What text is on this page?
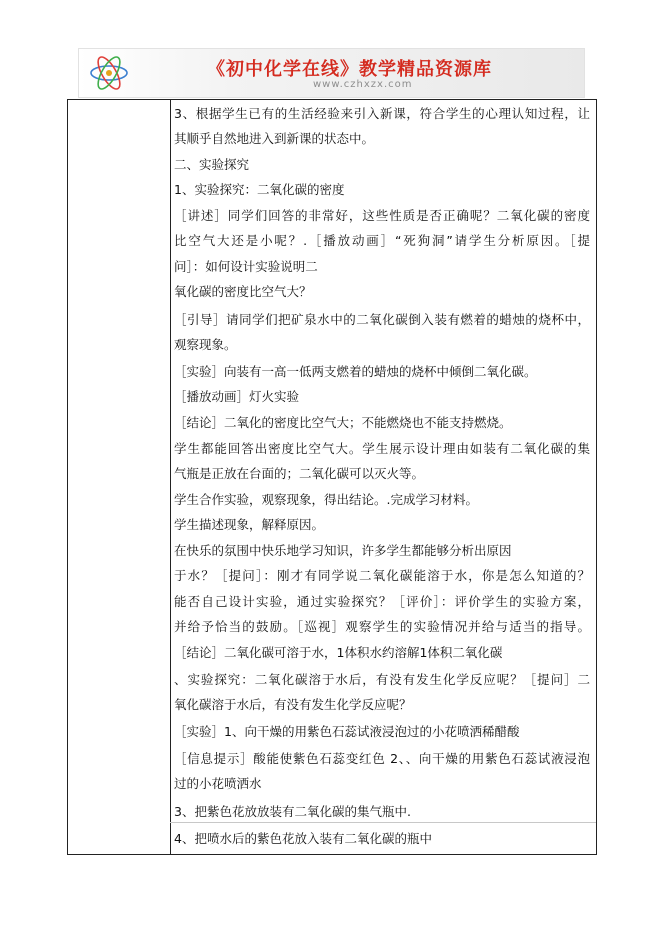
《初中化学在线》教学精品资源库
www.czhxzx.com
3、根据学生已有的生活经验来引入新课，符合学生的心理认知过程，让
其顺乎自然地进入到新课的状态中。
二、实验探究
1、实验探究：二氧化碳的密度
［讲述］同学们回答的非常好，这些性质是否正确呢？二氧化碳的密度
比空气大还是小呢？.［播放动画］“死狗洞”请学生分析原因。［提
问］：如何设计实验说明二
氧化碳的密度比空气大？
［引导］请同学们把矿泉水中的二氧化碳倒入装有燃着的蜡烛的烧杯中，
观察现象。
［实验］向装有一高一低两支燃着的蜡烛的烧杯中倾倒二氧化碳。
［播放动画］灯火实验
［结论］二氧化的密度比空气大；不能燃烧也不能支持燃烧。
学生都能回答出密度比空气大。学生展示设计理由如装有二氧化碳的集
气瓶是正放在台面的；二氧化碳可以灭火等。
学生合作实验，观察现象，得出结论。.完成学习材料。
学生描述现象，解释原因。
在快乐的氛围中快乐地学习知识，许多学生都能够分析出原因
于水？［提问］：刚才有同学说二氧化碳能溶于水，你是怎么知道的？
能否自己设计实验，通过实验探究？［评价］：评价学生的实验方案，
并给予恰当的鼓励。［巡视］观察学生的实验情况并给与适当的指导。
［结论］二氧化碳可溶于水，1体积水约溶解1体积二氧化碳
、实验探究：二氧化碳溶于水后，有没有发生化学反应呢？［提问］二
氧化碳溶于水后，有没有发生化学反应呢？
［实验］1、向干燥的用紫色石蕊试液浸泡过的小花喷洒稀醋酸
［信息提示］酸能使紫色石蕊变红色 2、、向干燥的用紫色石蕊试液浸泡
过的小花喷洒水
3、把紫色花放放装有二氧化碳的集气瓶中.
4、把喷水后的紫色花放入装有二氧化碳的瓶中
